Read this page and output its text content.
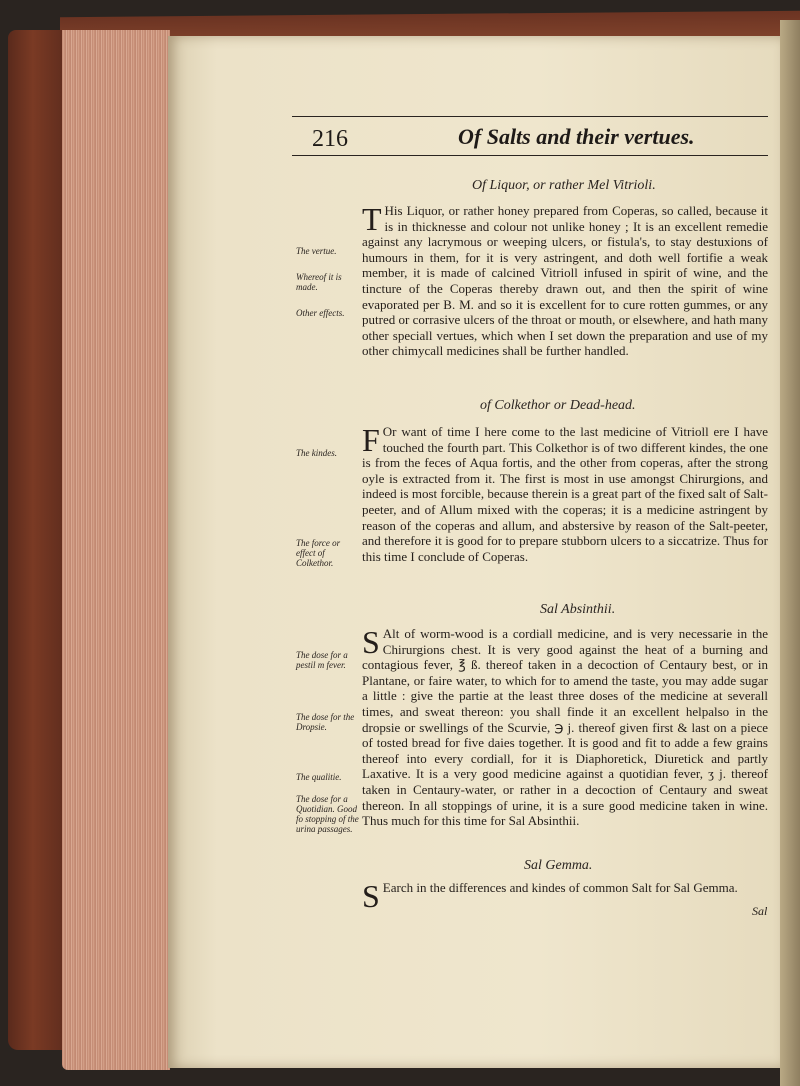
216	Of Salts and their vertues.
Of Liquor, or rather Mel Vitrioli.

T His Liquor, or rather honey prepared from Coperas, so called, because it is in thicknesse and colour not unlike honey ; It is an excellent remedie against any lacrymous or weeping ulcers, or fistula's, to stay destuxions of humours in them, for it is very astringent, and doth well fortifie a weak member, it is made of calcined Vitrioll infused in spirit of wine, and the tincture of the Coperas thereby drawn out, and then the spirit of wine evaporated per B. M. and so it is excellent for to cure rotten gummes, or any putred or corrasive ulcers of the throat or mouth, or elsewhere, and hath many other speciall vertues, which when I set down the preparation and use of my other chimycall medicines shall be further handled.

of Colkethor or Dead-head.

F Or want of time I here come to the last medicine of Vitrioll ere I have touched the fourth part. This Colkethor is of two different kindes, the one is from the feces of Aqua fortis, and the other from coperas, after the strong oyle is extracted from it. The first is most in use amongst Chirurgions, and indeed is most forcible, because therein is a great part of the fixed salt of Salt-peeter, and of Allum mixed with the coperas; it is a medicine astringent by reason of the coperas and allum, and abstersive by reason of the Salt-peeter, and therefore it is good for to prepare stubborn ulcers to a siccatrize. Thus for this time I conclude of Coperas.

Sal Absinthii.

S Alt of worm-wood is a cordiall medicine, and is very necessarie in the Chirurgions chest. It is very good against the heat of a burning and contagious fever, ℥ ß. thereof taken in a decoction of Centaury best, or in Plantane, or faire water, to which for to amend the taste, you may adde sugar a little : give the partie at the least three doses of the medicine at severall times, and sweat thereon: you shall finde it an excellent helpalso in the dropsie or swellings of the Scurvie, ℈ j. thereof given first & last on a piece of tosted bread for five daies together. It is good and fit to adde a few grains thereof into every cordiall, for it is Diaphoretick, Diuretick and partly Laxative. It is a very good medicine against a quotidian fever, ʒ j. thereof taken in Centaury-water, or rather in a decoction of Centaury and sweat thereon. In all stoppings of urine, it is a sure good medicine taken in wine. Thus much for this time for Sal Absinthii.

Sal Gemma.

S Earch in the differences and kindes of common Salt for Sal Gemma.

Sal
The vertue.
Whereof it is made.
Other effects.
The kindes.
The force or effect of Colkethor.
The dose for a pestil m fever.
The dose for the Dropsie.
The qualitie.
The dose for a Quotidian. Good fo stopping of the urina passages.
